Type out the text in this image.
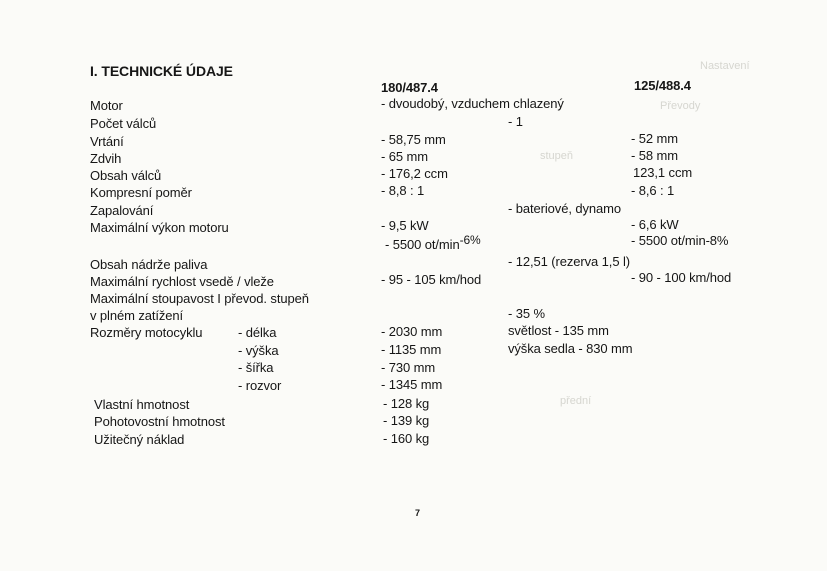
Nastavení
Převody
stupeň
přední
I. TECHNICKÉ ÚDAJE
180/487.4	125/488.4
Motor
Počet válců
Vrtání
Zdvih
Obsah válců
Kompresní poměr
Zapalování
Maximální výkon motoru
Obsah nádrže paliva
Maximální rychlost vsedě / vleže
Maximální stoupavost I převod. stupeň
v plném zatížení
Rozměry motocyklu	- délka
- výška
- šířka
- rozvor
Vlastní hmotnost
Pohotovostní hmotnost
Užitečný náklad
- dvoudobý, vzduchem chlazený
- 58,75 mm
- 65 mm
- 176,2 ccm
- 8,8 : 1
- 9,5 kW
- 5500 ot/min-6%
- 95 - 105 km/hod
- 2030 mm
- 1135 mm
- 730 mm
- 1345 mm
- 128 kg
- 139 kg
- 160 kg
- 1
- bateriové, dynamo
- 12,51 (rezerva 1,5 l)
- 35 %
světlost - 135 mm
výška sedla - 830 mm
- 52 mm
- 58 mm
123,1 ccm
- 8,6 : 1
- 6,6 kW
- 5500 ot/min-8%
- 90 - 100 km/hod
7
